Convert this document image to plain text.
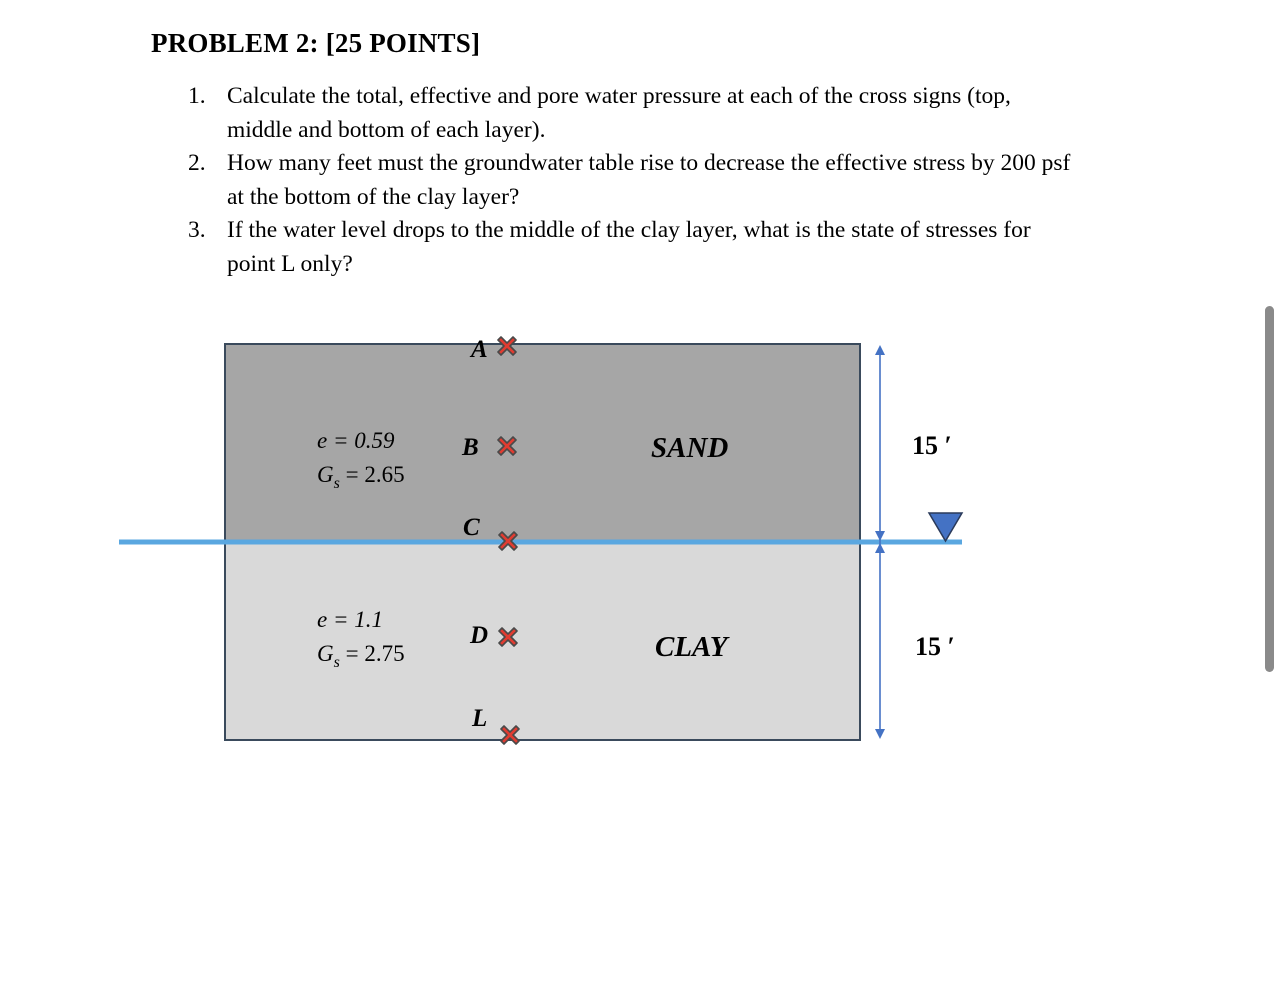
PROBLEM 2: [25 POINTS]
1. Calculate the total, effective and pore water pressure at each of the cross signs (top,
middle and bottom of each layer).
2. How many feet must the groundwater table rise to decrease the effective stress by 200 psf
at the bottom of the clay layer?
3. If the water level drops to the middle of the clay layer, what is the state of stresses for
point L only?
15 ′
15 ′
e = 0.59
$G_s = 2.65$
e = 1.1
$G_s = 2.75$
SAND
CLAY
A
B
C
D
L
